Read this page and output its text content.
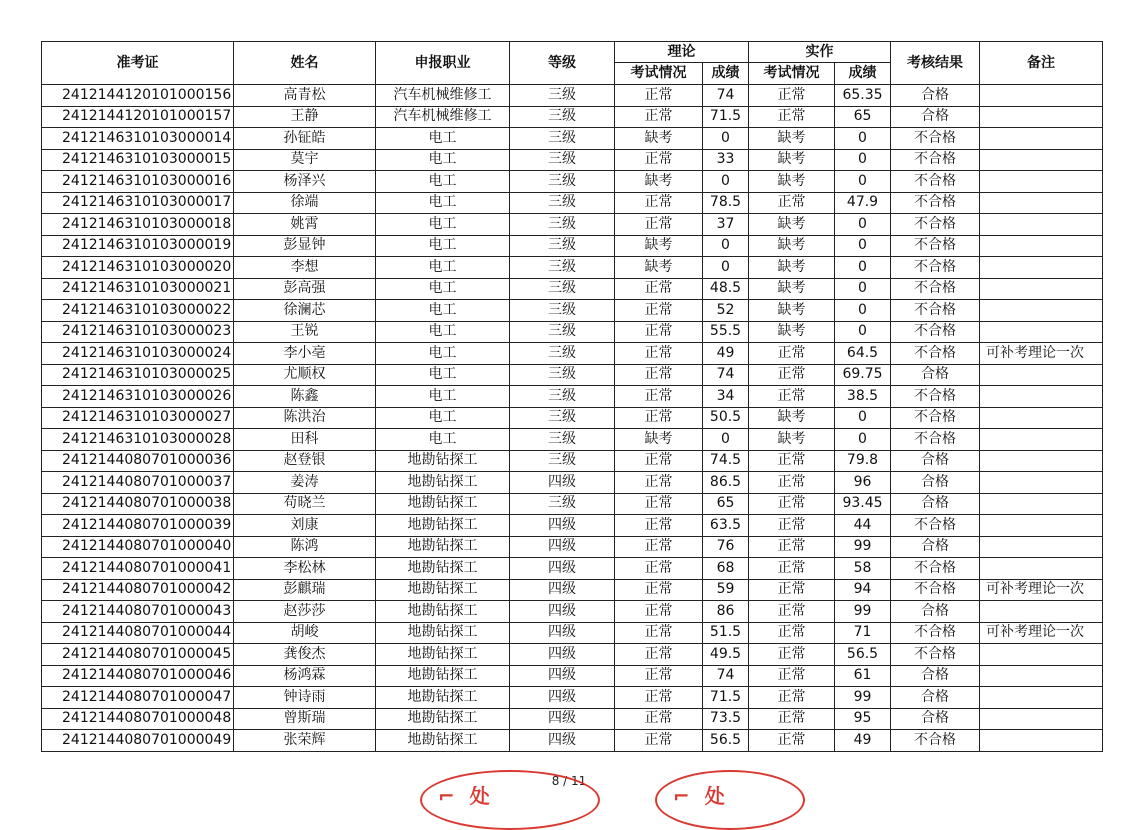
准考证	姓名	申报职业	等级	理论		实作		考核结果	备注
				考试情况	成绩	考试情况	成绩		
2412144120101000156	高青松	汽车机械维修工	三级	正常	74	正常	65.35	合格	
2412144120101000157	王静	汽车机械维修工	三级	正常	71.5	正常	65	合格	
2412146310103000014	孙钲皓	电工	三级	缺考	0	缺考	0	不合格	
2412146310103000015	莫宇	电工	三级	正常	33	缺考	0	不合格	
2412146310103000016	杨泽兴	电工	三级	缺考	0	缺考	0	不合格	
2412146310103000017	徐端	电工	三级	正常	78.5	正常	47.9	不合格	
2412146310103000018	姚霄	电工	三级	正常	37	缺考	0	不合格	
2412146310103000019	彭显钟	电工	三级	缺考	0	缺考	0	不合格	
2412146310103000020	李想	电工	三级	缺考	0	缺考	0	不合格	
2412146310103000021	彭高强	电工	三级	正常	48.5	缺考	0	不合格	
2412146310103000022	徐澜芯	电工	三级	正常	52	缺考	0	不合格	
2412146310103000023	王锐	电工	三级	正常	55.5	缺考	0	不合格	
2412146310103000024	李小亳	电工	三级	正常	49	正常	64.5	不合格	可补考理论一次
2412146310103000025	尤顺权	电工	三级	正常	74	正常	69.75	合格	
2412146310103000026	陈鑫	电工	三级	正常	34	正常	38.5	不合格	
2412146310103000027	陈洪治	电工	三级	正常	50.5	缺考	0	不合格	
2412146310103000028	田科	电工	三级	缺考	0	缺考	0	不合格	
2412144080701000036	赵登银	地勘钻探工	三级	正常	74.5	正常	79.8	合格	
2412144080701000037	姜涛	地勘钻探工	四级	正常	86.5	正常	96	合格	
2412144080701000038	苟晓兰	地勘钻探工	三级	正常	65	正常	93.45	合格	
2412144080701000039	刘康	地勘钻探工	四级	正常	63.5	正常	44	不合格	
2412144080701000040	陈鸿	地勘钻探工	四级	正常	76	正常	99	合格	
2412144080701000041	李松林	地勘钻探工	四级	正常	68	正常	58	不合格	
2412144080701000042	彭麒瑞	地勘钻探工	四级	正常	59	正常	94	不合格	可补考理论一次
2412144080701000043	赵莎莎	地勘钻探工	四级	正常	86	正常	99	合格	
2412144080701000044	胡峻	地勘钻探工	四级	正常	51.5	正常	71	不合格	可补考理论一次
2412144080701000045	龚俊杰	地勘钻探工	四级	正常	49.5	正常	56.5	不合格	
2412144080701000046	杨鸿霖	地勘钻探工	四级	正常	74	正常	61	合格	
2412144080701000047	钟诗雨	地勘钻探工	四级	正常	71.5	正常	99	合格	
2412144080701000048	曾斯瑞	地勘钻探工	四级	正常	73.5	正常	95	合格	
2412144080701000049	张荣辉	地勘钻探工	四级	正常	56.5	正常	49	不合格	
8 / 11
⌐ 处	⌐ 处
